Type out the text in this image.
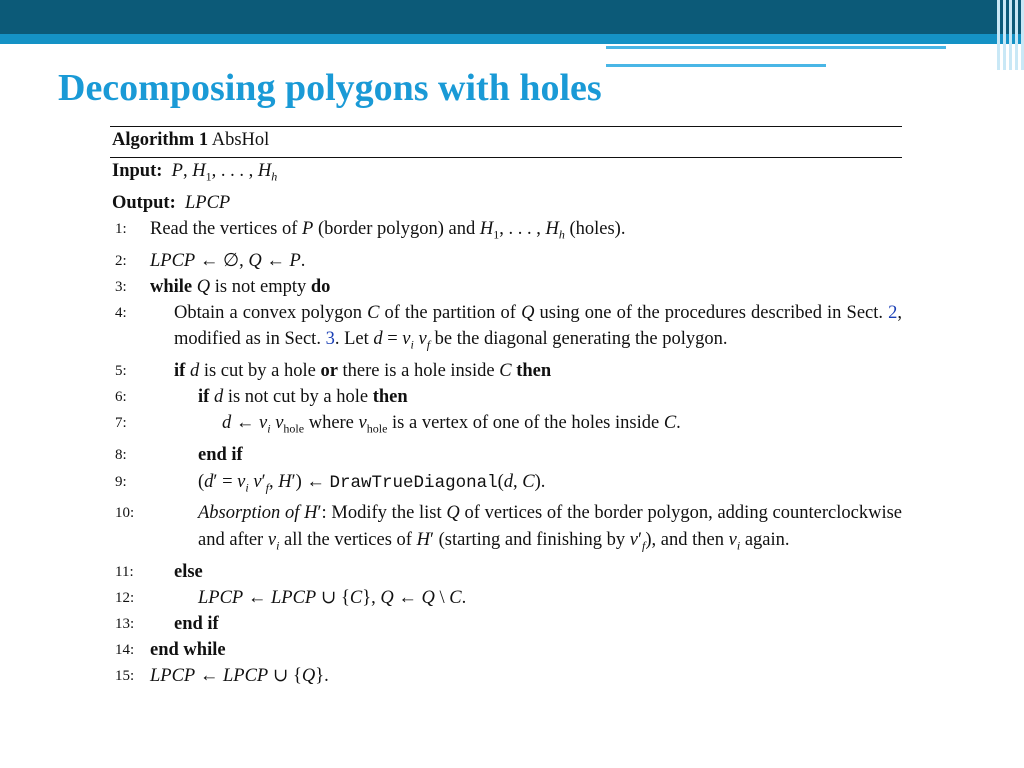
Decomposing polygons with holes
Algorithm 1 AbsHol
Input: P, $H_1$, . . . , $H_h$
Output: LPCP
1: Read the vertices of P (border polygon) and $H_1$, . . . , $H_h$ (holes).
2: LPCP ← ∅, Q ← P.
3: while Q is not empty do
4:	Obtain a convex polygon C of the partition of Q using one of the procedures described in Sect. 2, modified as in Sect. 3. Let $d = v_i$ $v_f$ be the diagonal generating the polygon.
5:	if d is cut by a hole or there is a hole inside C then
6:	if d is not cut by a hole then
7:	d ← $v_i$ $v_{hole}$ where $v_{hole}$ is a vertex of one of the holes inside C.
8:	end if
9:	($d' = v_i$ $v'_f$, H′) ← DrawTrueDiagonal(d, C).
10:	Absorption of H′: Modify the list Q of vertices of the border polygon, adding counterclockwise and after $v_i$ all the vertices of H′ (starting and finishing by $v'_f$), and then $v_i$ again.
11: else
12:	LPCP ← LPCP ∪ {C}, Q ← Q \ C.
13: end if
14: end while
15: LPCP ← LPCP ∪ {Q}.
